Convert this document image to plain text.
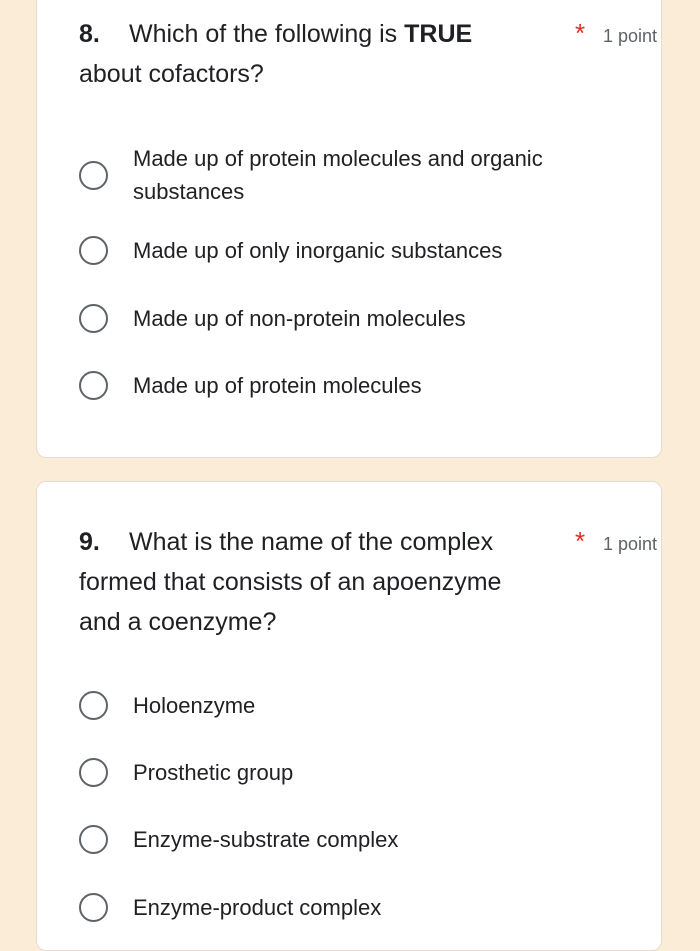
8. Which of the following is TRUE about cofactors?
* 1 point
Made up of protein molecules and organic substances
Made up of only inorganic substances
Made up of non-protein molecules
Made up of protein molecules
9. What is the name of the complex formed that consists of an apoenzyme and a coenzyme?
* 1 point
Holoenzyme
Prosthetic group
Enzyme-substrate complex
Enzyme-product complex
